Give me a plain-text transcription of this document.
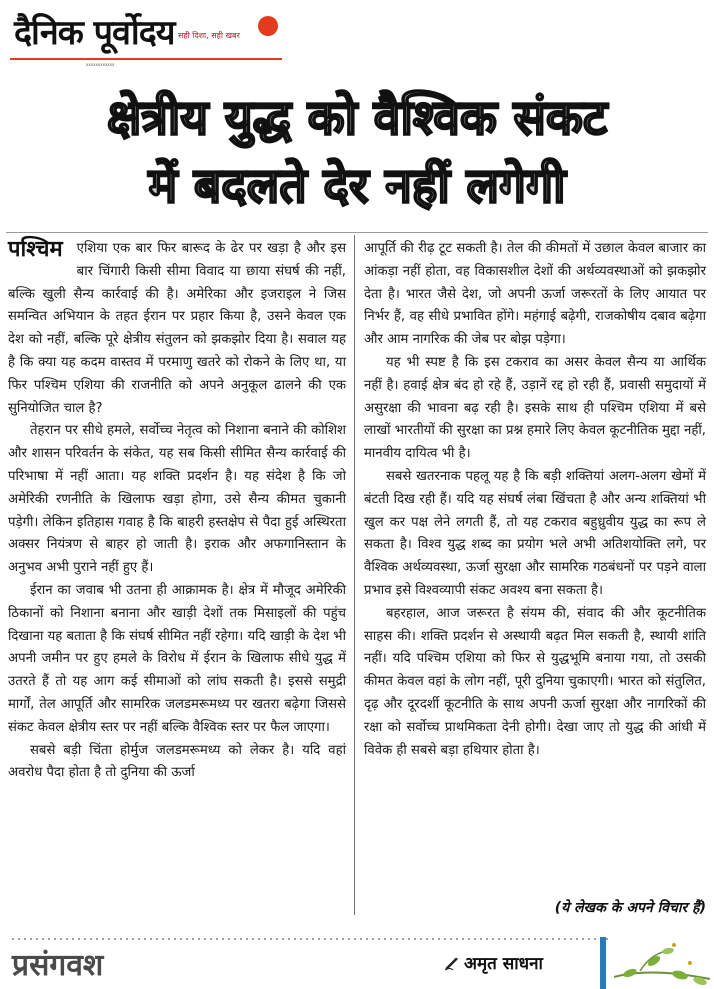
दैनिक पूर्वोदय सही दिशा, सही खबर
xxxxxxxxxxxx
क्षेत्रीय युद्ध को वैश्विक संकट
में बदलते देर नहीं लगेगी
पश्चिम	एशिया एक बार फिर बारूद के ढेर पर खड़ा है और इस बार चिंगारी किसी सीमा विवाद या छाया संघर्ष की नहीं, बल्कि खुली सैन्य कार्रवाई की है। अमेरिका और इजराइल ने जिस समन्वित अभियान के तहत ईरान पर प्रहार किया है, उसने केवल एक देश को नहीं, बल्कि पूरे क्षेत्रीय संतुलन को झकझोर दिया है। सवाल यह है कि क्या यह कदम वास्तव में परमाणु खतरे को रोकने के लिए था, या फिर पश्चिम एशिया की राजनीति को अपने अनुकूल ढालने की एक सुनियोजित चाल है?

तेहरान पर सीधे हमले, सर्वोच्च नेतृत्व को निशाना बनाने की कोशिश और शासन परिवर्तन के संकेत, यह सब किसी सीमित सैन्य कार्रवाई की परिभाषा में नहीं आता। यह शक्ति प्रदर्शन है। यह संदेश है कि जो अमेरिकी रणनीति के खिलाफ खड़ा होगा, उसे सैन्य कीमत चुकानी पड़ेगी। लेकिन इतिहास गवाह है कि बाहरी हस्तक्षेप से पैदा हुई अस्थिरता अक्सर नियंत्रण से बाहर हो जाती है। इराक और अफगानिस्तान के अनुभव अभी पुराने नहीं हुए हैं।

ईरान का जवाब भी उतना ही आक्रामक है। क्षेत्र में मौजूद अमेरिकी ठिकानों को निशाना बनाना और खाड़ी देशों तक मिसाइलों की पहुंच दिखाना यह बताता है कि संघर्ष सीमित नहीं रहेगा। यदि खाड़ी के देश भी अपनी जमीन पर हुए हमले के विरोध में ईरान के खिलाफ सीधे युद्ध में उतरते हैं तो यह आग कई सीमाओं को लांघ सकती है। इससे समुद्री मार्गों, तेल आपूर्ति और सामरिक जलडमरूमध्य पर खतरा बढ़ेगा जिससे संकट केवल क्षेत्रीय स्तर पर नहीं बल्कि वैश्विक स्तर पर फैल जाएगा।

सबसे बड़ी चिंता होर्मुज जलडमरूमध्य को लेकर है। यदि वहां अवरोध पैदा होता है तो दुनिया की ऊर्जा

आपूर्ति की रीढ़ टूट सकती है। तेल की कीमतों में उछाल केवल बाजार का आंकड़ा नहीं होता, वह विकासशील देशों की अर्थव्यवस्थाओं को झकझोर देता है। भारत जैसे देश, जो अपनी ऊर्जा जरूरतों के लिए आयात पर निर्भर हैं, वह सीधे प्रभावित होंगे। महंगाई बढ़ेगी, राजकोषीय दबाव बढ़ेगा और आम नागरिक की जेब पर बोझ पड़ेगा।

यह भी स्पष्ट है कि इस टकराव का असर केवल सैन्य या आर्थिक नहीं है। हवाई क्षेत्र बंद हो रहे हैं, उड़ानें रद्द हो रही हैं, प्रवासी समुदायों में असुरक्षा की भावना बढ़ रही है। इसके साथ ही पश्चिम एशिया में बसे लाखों भारतीयों की सुरक्षा का प्रश्न हमारे लिए केवल कूटनीतिक मुद्दा नहीं, मानवीय दायित्व भी है।

सबसे खतरनाक पहलू यह है कि बड़ी शक्तियां अलग-अलग खेमों में बंटती दिख रही हैं। यदि यह संघर्ष लंबा खिंचता है और अन्य शक्तियां भी खुल कर पक्ष लेने लगती हैं, तो यह टकराव बहुध्रुवीय युद्ध का रूप ले सकता है। विश्व युद्ध शब्द का प्रयोग भले अभी अतिशयोक्ति लगे, पर वैश्विक अर्थव्यवस्था, ऊर्जा सुरक्षा और सामरिक गठबंधनों पर पड़ने वाला प्रभाव इसे विश्वव्यापी संकट अवश्य बना सकता है।

बहरहाल, आज जरूरत है संयम की, संवाद की और कूटनीतिक साहस की। शक्ति प्रदर्शन से अस्थायी बढ़त मिल सकती है, स्थायी शांति नहीं। यदि पश्चिम एशिया को फिर से युद्धभूमि बनाया गया, तो उसकी कीमत केवल वहां के लोग नहीं, पूरी दुनिया चुकाएगी। भारत को संतुलित, दृढ़ और दूरदर्शी कूटनीति के साथ अपनी ऊर्जा सुरक्षा और नागरिकों की रक्षा को सर्वोच्च प्राथमिकता देनी होगी। देखा जाए तो युद्ध की आंधी में विवेक ही सबसे बड़ा हथियार होता है।

(ये लेखक के अपने विचार हैं)
प्रसंगवश	अमृत साधना
